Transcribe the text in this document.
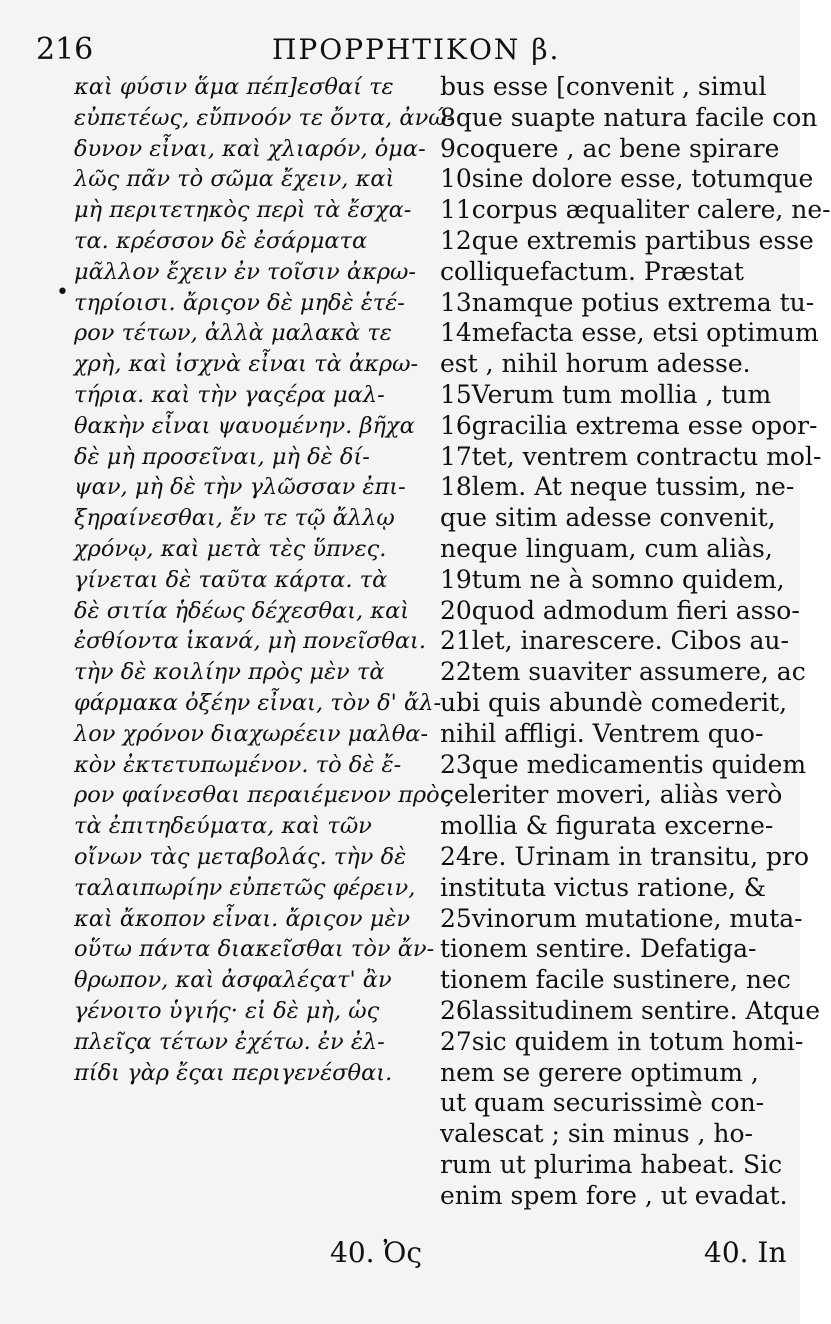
216	ΠΡΟΡΡΗΤΙΚΟΝ β.
•
καὶ φύσιν ἅμα πέπ]εσθαί τε
εὐπετέως, εὔπνοόν τε ὄντα, ἀνώ-
δυνον εἶναι, καὶ χλιαρόν, ὁμα-
λῶς πᾶν τὸ σῶμα ἔχειν, καὶ
μὴ περιτετηκὸς περὶ τὰ ἔσχα-
τα. κρέσσον δὲ ἐσάρματα
μᾶλλον ἔχειν ἐν τοῖσιν ἀκρω-
τηρίοισι. ἄριςον δὲ μηδὲ ἑτέ-
ρον τέτων, ἀλλὰ μαλακὰ τε
χρὴ, καὶ ἰσχνὰ εἶναι τὰ ἀκρω-
τήρια. καὶ τὴν γαςέρα μαλ-
θακὴν εἶναι ψαυομένην. βῆχα
δὲ μὴ προσεῖναι, μὴ δὲ δί-
ψαν, μὴ δὲ τὴν γλῶσσαν ἐπι-
ξηραίνεσθαι, ἔν τε τῷ ἄλλῳ
χρόνῳ, καὶ μετὰ τὲς ὕπνες.
γίνεται δὲ ταῦτα κάρτα. τὰ
δὲ σιτία ἡδέως δέχεσθαι, καὶ
ἐσθίοντα ἱκανά, μὴ πονεῖσθαι.
τὴν δὲ κοιλίην πρὸς μὲν τὰ
φάρμακα ὀξέην εἶναι, τὸν δ' ἄλ-
λον χρόνον διαχωρέειν μαλθα-
κὸν ἐκτετυπωμένον. τὸ δὲ ἔ-
ρον φαίνεσθαι περαιέμενον πρὸς
τὰ ἐπιτηδεύματα, καὶ τῶν
οἴνων τὰς μεταβολάς. τὴν δὲ
ταλαιπωρίην εὐπετῶς φέρειν,
καὶ ἄκοπον εἶναι. ἄριςον μὲν
οὕτω πάντα διακεῖσθαι τὸν ἄν-
θρωπον, καὶ ἀσφαλέςατ' ἂν
γένοιτο ὑγιής· εἰ δὲ μὴ, ὡς
πλεῖςα τέτων ἐχέτω. ἐν ἐλ-
πίδι γὰρ ἔςαι περιγενέσθαι.
bus esse [convenit , simul
8que suapte natura facile con
9coquere , ac bene spirare
10sine dolore esse, totumque
11corpus æqualiter calere, ne-
12que extremis partibus esse
colliquefactum. Præstat
13namque potius extrema tu-
14mefacta esse, etsi optimum
est , nihil horum adesse.
15Verum tum mollia , tum
16gracilia extrema esse opor-
17tet, ventrem contractu mol-
18lem. At neque tussim, ne-
que sitim adesse convenit,
neque linguam, cum aliàs,
19tum ne à somno quidem,
20quod admodum fieri asso-
21let, inarescere. Cibos au-
22tem suaviter assumere, ac
ubi quis abundè comederit,
nihil affligi. Ventrem quo-
23que medicamentis quidem
celeriter moveri, aliàs verò
mollia & figurata excerne-
24re. Urinam in transitu, pro
instituta victus ratione, &
25vinorum mutatione, muta-
tionem sentire. Defatiga-
tionem facile sustinere, nec
26lassitudinem sentire. Atque
27sic quidem in totum homi-
nem se gerere optimum ,
ut quam securissimè con-
valescat ; sin minus , ho-
rum ut plurima habeat. Sic
enim spem fore , ut evadat.
40. Ὀς	40. In
